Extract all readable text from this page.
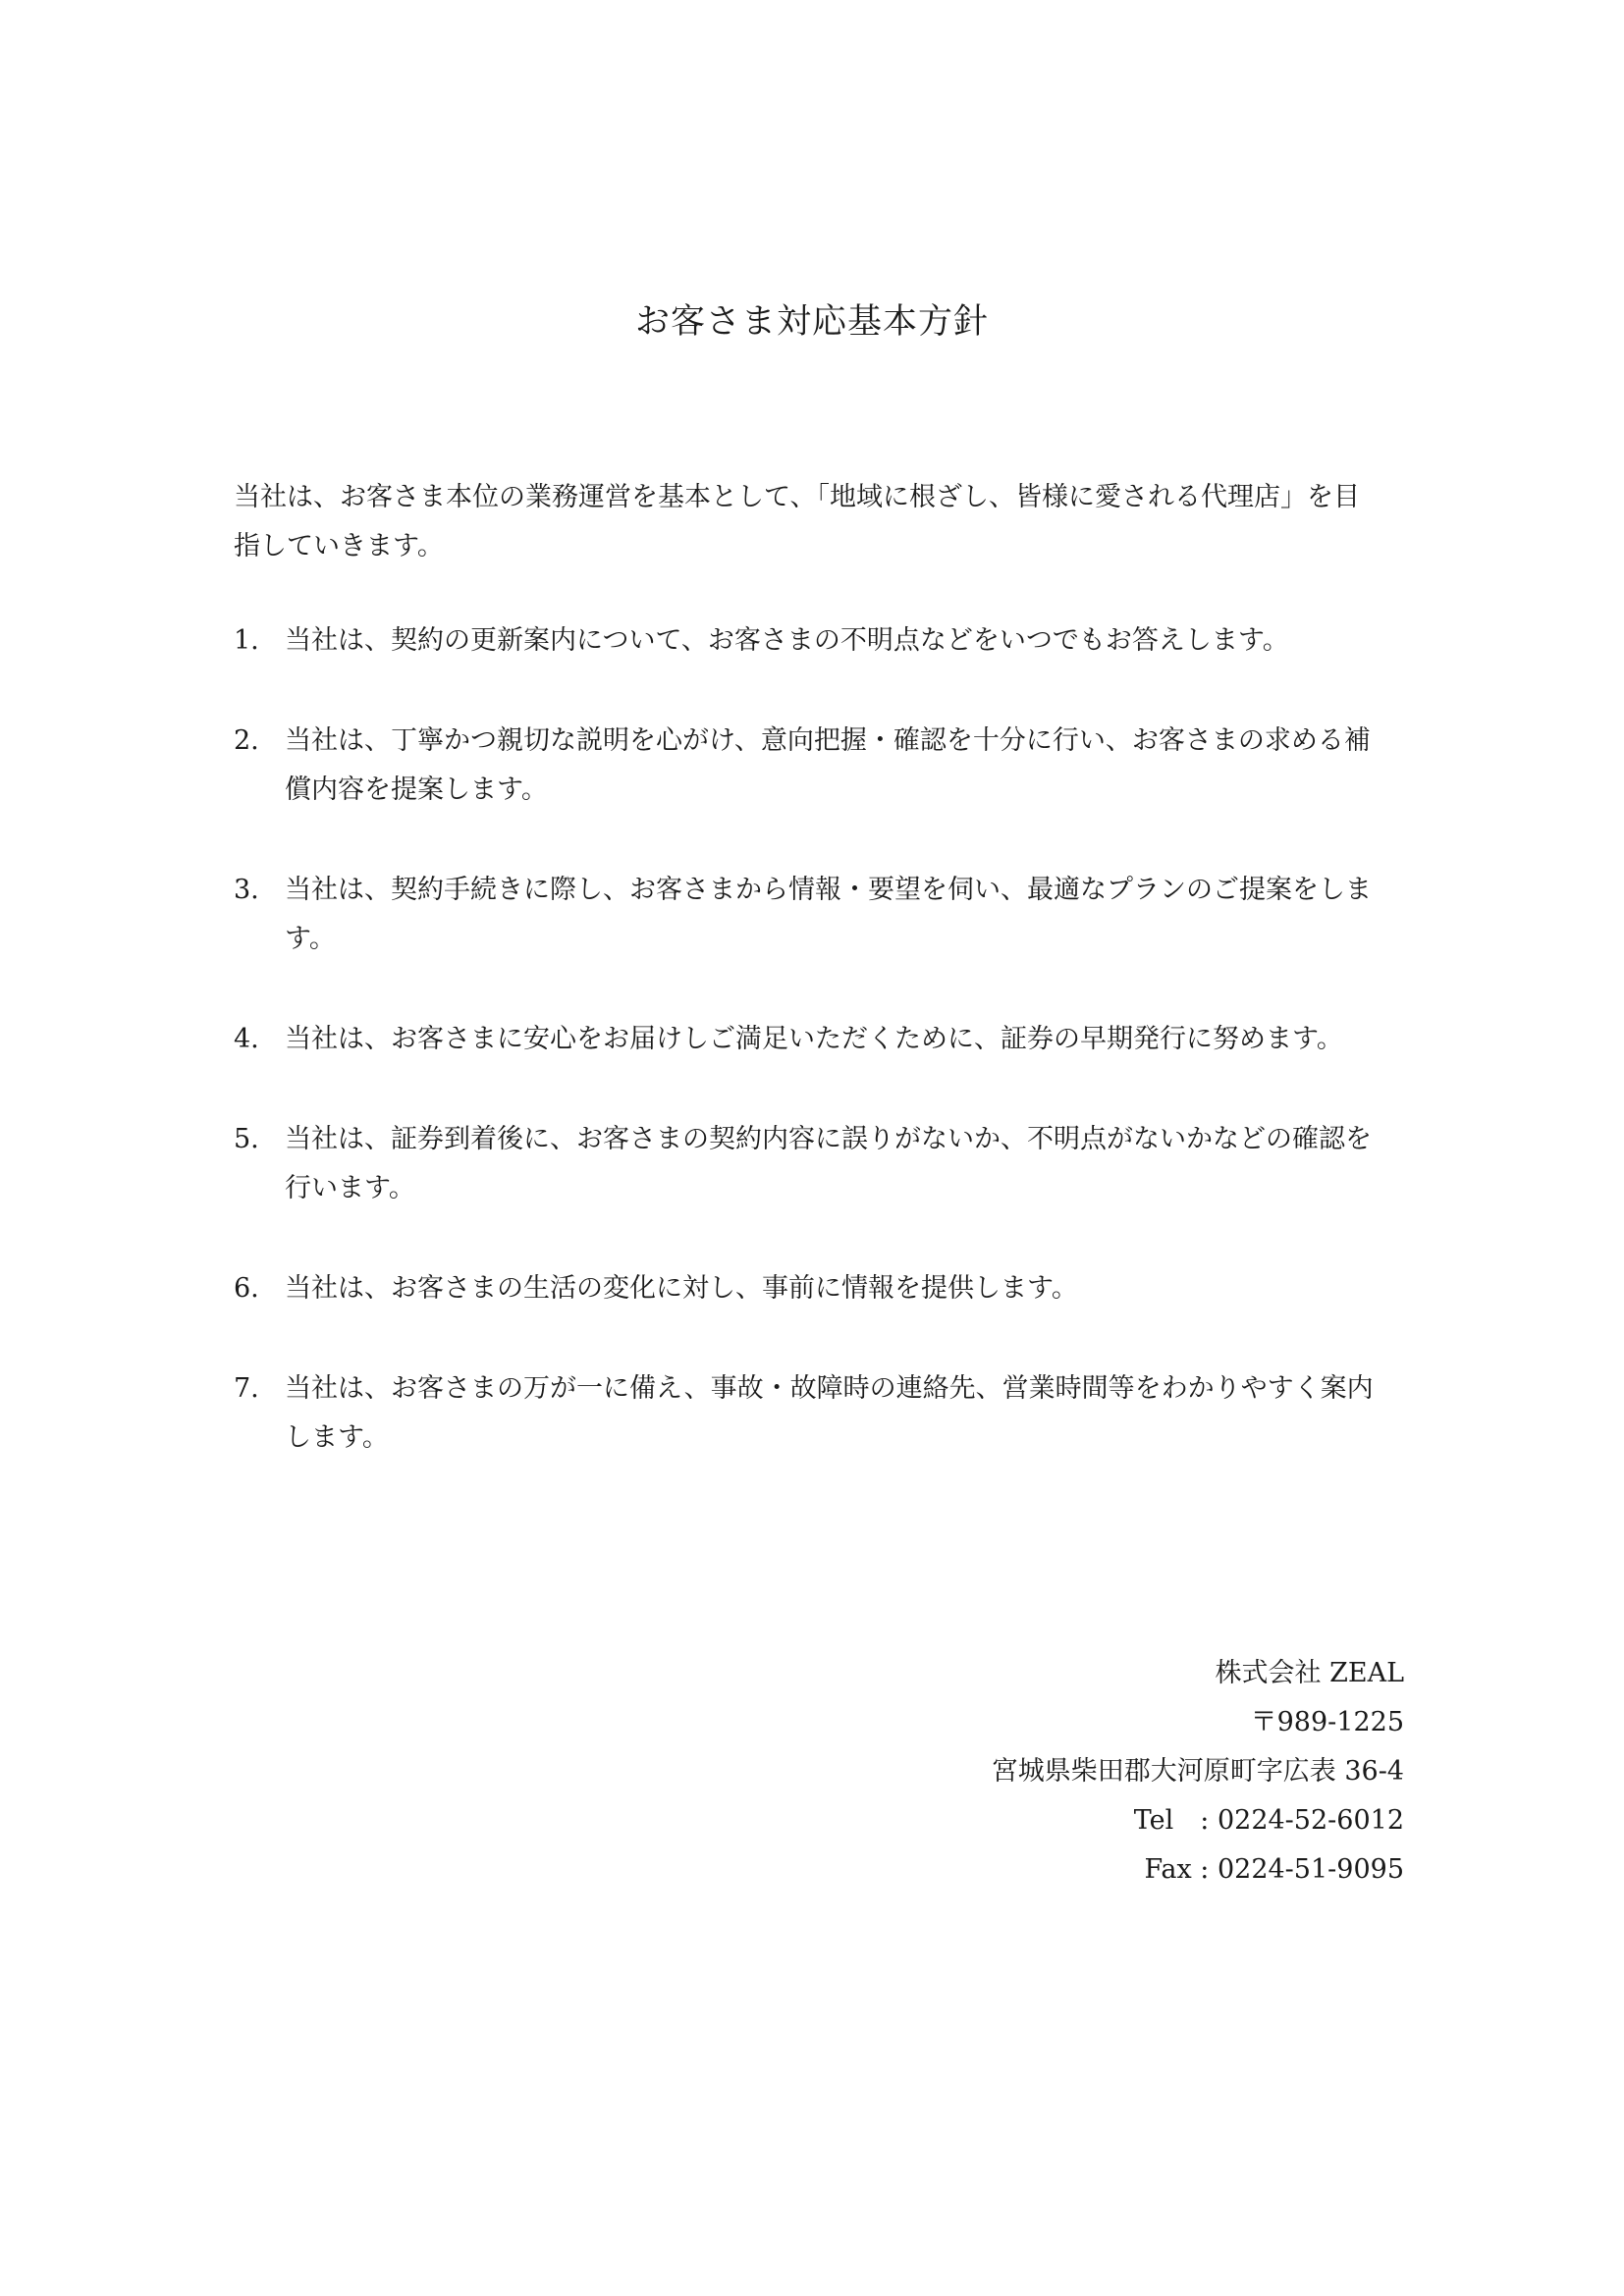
お客さま対応基本方針

当社は、お客さま本位の業務運営を基本として、「地域に根ざし、皆様に愛される代理店」を目指していきます。

1. 当社は、契約の更新案内について、お客さまの不明点などをいつでもお答えします。
2. 当社は、丁寧かつ親切な説明を心がけ、意向把握・確認を十分に行い、お客さまの求める補償内容を提案します。
3. 当社は、契約手続きに際し、お客さまから情報・要望を伺い、最適なプランのご提案をします。
4. 当社は、お客さまに安心をお届けしご満足いただくために、証券の早期発行に努めます。
5. 当社は、証券到着後に、お客さまの契約内容に誤りがないか、不明点がないかなどの確認を行います。
6. 当社は、お客さまの生活の変化に対し、事前に情報を提供します。
7. 当社は、お客さまの万が一に備え、事故・故障時の連絡先、営業時間等をわかりやすく案内します。
株式会社 ZEAL
〒989-1225
宮城県柴田郡大河原町字広表 36-4
Tel　: 0224-52-6012
Fax : 0224-51-9095
